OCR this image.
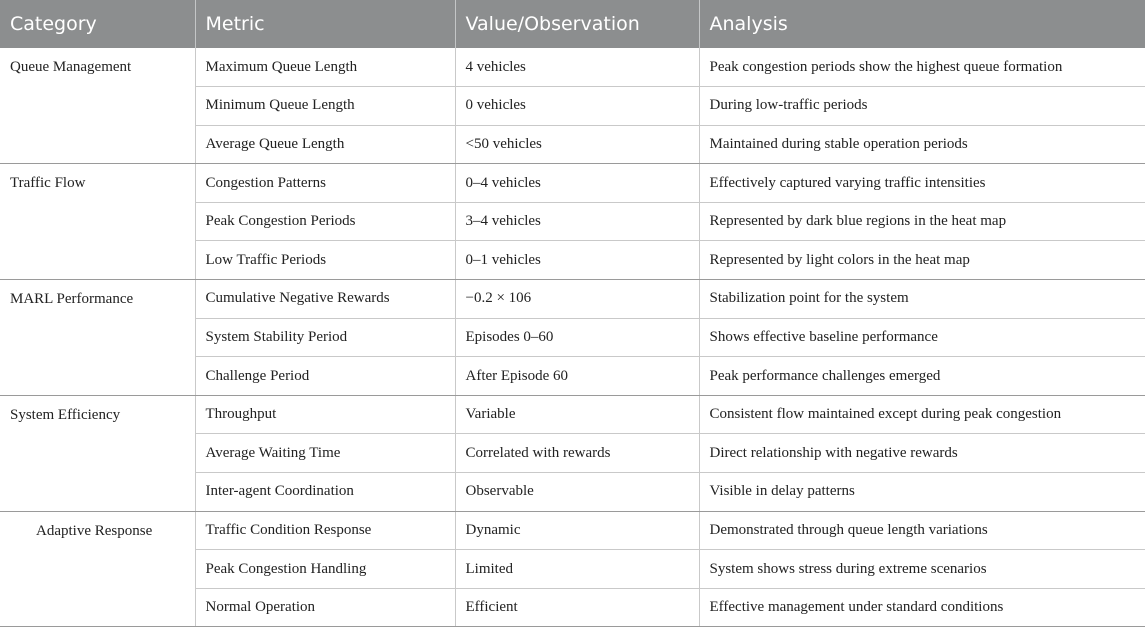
Category	Metric	Value/Observation	Analysis
Queue Management	Maximum Queue Length	4 vehicles	Peak congestion periods show the highest queue formation
	Minimum Queue Length	0 vehicles	During low-traffic periods
	Average Queue Length	<50 vehicles	Maintained during stable operation periods
Traffic Flow	Congestion Patterns	0–4 vehicles	Effectively captured varying traffic intensities
	Peak Congestion Periods	3–4 vehicles	Represented by dark blue regions in the heat map
	Low Traffic Periods	0–1 vehicles	Represented by light colors in the heat map
MARL Performance	Cumulative Negative Rewards	−0.2 × 106	Stabilization point for the system
	System Stability Period	Episodes 0–60	Shows effective baseline performance
	Challenge Period	After Episode 60	Peak performance challenges emerged
System Efficiency	Throughput	Variable	Consistent flow maintained except during peak congestion
	Average Waiting Time	Correlated with rewards	Direct relationship with negative rewards
	Inter-agent Coordination	Observable	Visible in delay patterns
Adaptive Response	Traffic Condition Response	Dynamic	Demonstrated through queue length variations
	Peak Congestion Handling	Limited	System shows stress during extreme scenarios
	Normal Operation	Efficient	Effective management under standard conditions
